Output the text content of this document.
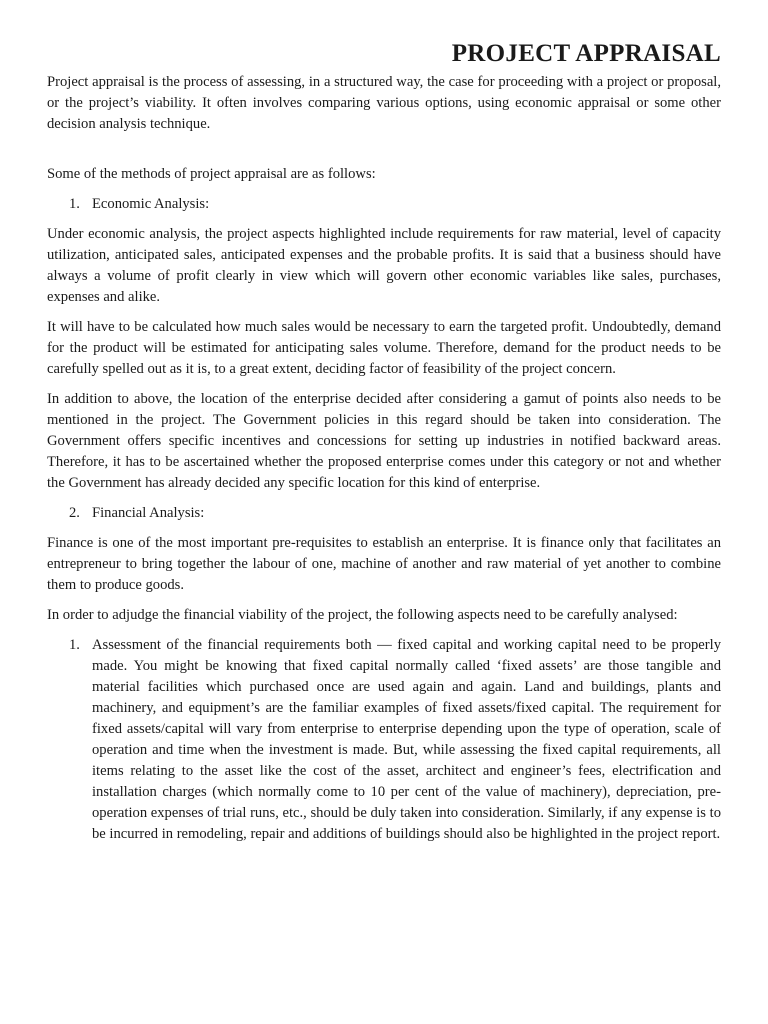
PROJECT APPRAISAL

Project appraisal is the process of assessing, in a structured way, the case for proceeding with a project or proposal, or the project’s viability. It often involves comparing various options, using economic appraisal or some other decision analysis technique.

Some of the methods of project appraisal are as follows:

1. Economic Analysis:

Under economic analysis, the project aspects highlighted include requirements for raw material, level of capacity utilization, anticipated sales, anticipated expenses and the probable profits. It is said that a business should have always a volume of profit clearly in view which will govern other economic variables like sales, purchases, expenses and alike.

It will have to be calculated how much sales would be necessary to earn the targeted profit. Undoubtedly, demand for the product will be estimated for anticipating sales volume. Therefore, demand for the product needs to be carefully spelled out as it is, to a great extent, deciding factor of feasibility of the project concern.

In addition to above, the location of the enterprise decided after considering a gamut of points also needs to be mentioned in the project. The Government policies in this regard should be taken into consideration. The Government offers specific incentives and concessions for setting up industries in notified backward areas. Therefore, it has to be ascertained whether the proposed enterprise comes under this category or not and whether the Government has already decided any specific location for this kind of enterprise.

2. Financial Analysis:

Finance is one of the most important pre-requisites to establish an enterprise. It is finance only that facilitates an entrepreneur to bring together the labour of one, machine of another and raw material of yet another to combine them to produce goods.

In order to adjudge the financial viability of the project, the following aspects need to be carefully analysed:

1. Assessment of the financial requirements both — fixed capital and working capital need to be properly made. You might be knowing that fixed capital normally called ‘fixed assets’ are those tangible and material facilities which purchased once are used again and again. Land and buildings, plants and machinery, and equipment’s are the familiar examples of fixed assets/fixed capital. The requirement for fixed assets/capital will vary from enterprise to enterprise depending upon the type of operation, scale of operation and time when the investment is made. But, while assessing the fixed capital requirements, all items relating to the asset like the cost of the asset, architect and engineer’s fees, electrification and installation charges (which normally come to 10 per cent of the value of machinery), depreciation, pre-operation expenses of trial runs, etc., should be duly taken into consideration. Similarly, if any expense is to be incurred in remodeling, repair and additions of buildings should also be highlighted in the project report.
